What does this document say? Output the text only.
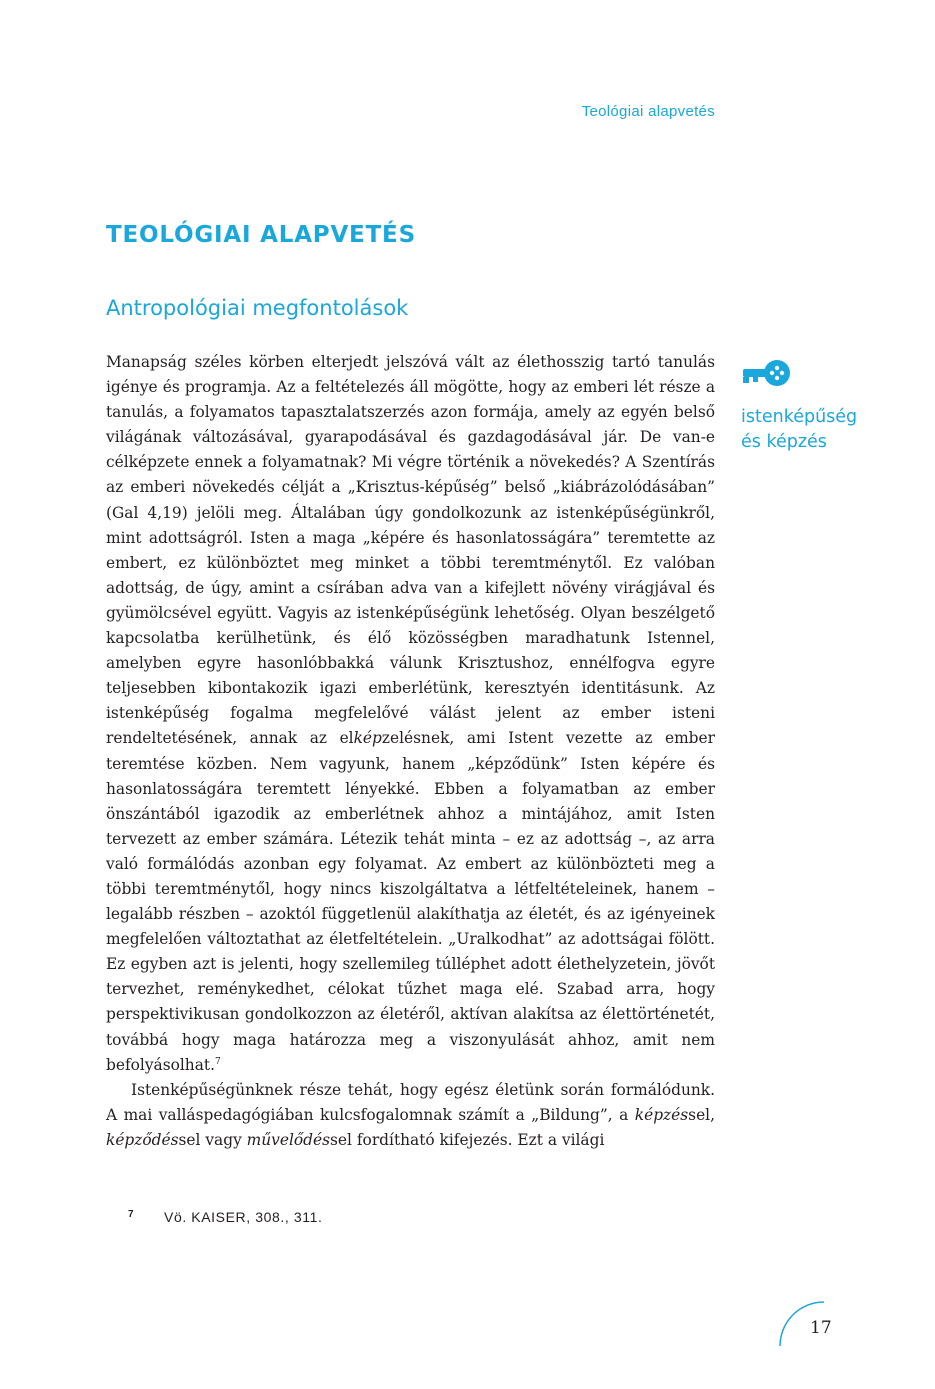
Teológiai alapvetés
TEOLÓGIAI ALAPVETÉS
Antropológiai megfontolások

Manapság széles körben elterjedt jelszóvá vált az élethosszig tartó tanulás igénye és programja. Az a feltételezés áll mögötte, hogy az emberi lét része a tanulás, a folyamatos tapasztalatszerzés azon formája, amely az egyén belső világának változásával, gyarapodásával és gazdagodásával jár. De van-e célképzete ennek a folyamatnak? Mi végre történik a növekedés? A Szentírás az emberi növekedés célját a „Krisztus-képűség” belső „kiábrázolódásában” (Gal 4,19) jelöli meg. Általában úgy gondolkozunk az istenképűségünkről, mint adottságról. Isten a maga „képére és hasonlatosságára” teremtette az embert, ez különböztet meg minket a többi teremtménytől. Ez valóban adottság, de úgy, amint a csírában adva van a kifejlett növény virágjával és gyümölcsével együtt. Vagyis az istenképűségünk lehetőség. Olyan beszélgető kapcsolatba kerülhetünk, és élő közösségben maradhatunk Istennel, amelyben egyre hasonlóbbakká válunk Krisztushoz, ennélfogva egyre teljesebben kibontakozik igazi emberlétünk, keresztyén identitásunk. Az istenképűség fogalma megfelelővé válást jelent az ember isteni rendeltetésének, annak az elképzelésnek, ami Istent vezette az ember teremtése közben. Nem vagyunk, hanem „képződünk” Isten képére és hasonlatosságára teremtett lényekké. Ebben a folyamatban az ember önszántából igazodik az emberlétnek ahhoz a mintájához, amit Isten tervezett az ember számára. Létezik tehát minta – ez az adottság –, az arra való formálódás azonban egy folyamat. Az embert az különbözteti meg a többi teremtménytől, hogy nincs kiszolgáltatva a létfeltételeinek, hanem – legalább részben – azoktól függetlenül alakíthatja az életét, és az igényeinek megfelelően változtathat az életfeltételein. „Uralkodhat” az adottságai fölött. Ez egyben azt is jelenti, hogy szellemileg túlléphet adott élethelyzetein, jövőt tervezhet, reménykedhet, célokat tűzhet maga elé. Szabad arra, hogy perspektivikusan gondolkozzon az életéről, aktívan alakítsa az élettörténetét, továbbá hogy maga határozza meg a viszonyulását ahhoz, amit nem befolyásolhat.$^7$

Istenképűségünknek része tehát, hogy egész életünk során formálódunk. A mai valláspedagógiában kulcsfogalomnak számít a „Bildung”, a képzéssel, képződéssel vagy művelődéssel fordítható kifejezés. Ezt a világi

istenképűség
és képzés
7 Vö. KAISER, 308., 311.
17
